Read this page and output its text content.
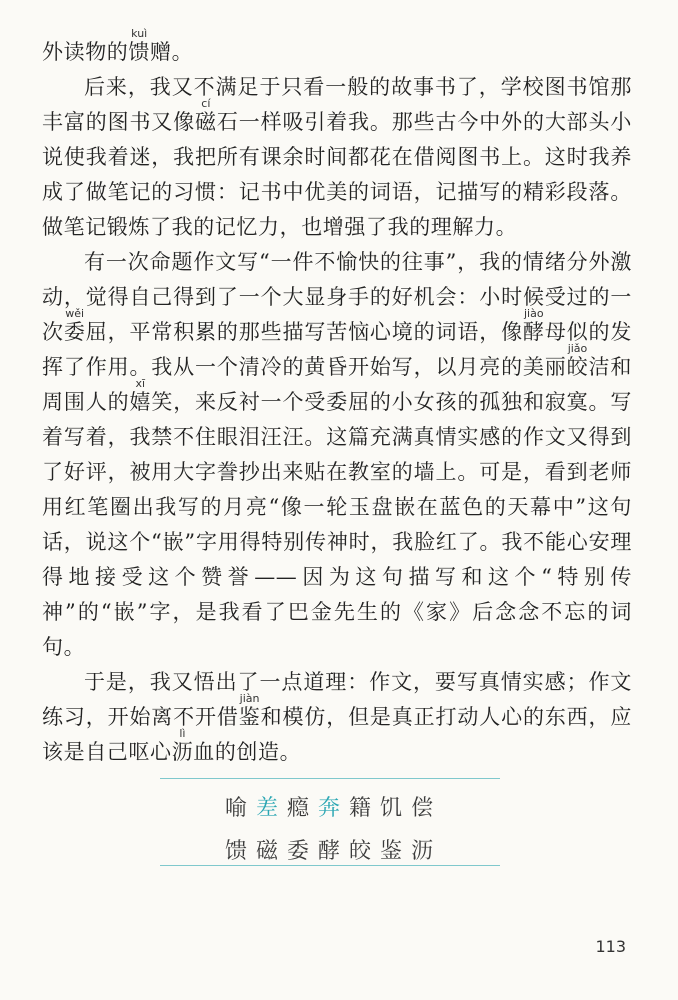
外读物的馈kuì赠。

后来，我又不满足于只看一般的故事书了，学校图书馆那丰富的图书又像磁cí石一样吸引着我。那些古今中外的大部头小说使我着迷，我把所有课余时间都花在借阅图书上。这时我养成了做笔记的习惯：记书中优美的词语，记描写的精彩段落。做笔记锻炼了我的记忆力，也增强了我的理解力。

有一次命题作文写“一件不愉快的往事”，我的情绪分外激动，觉得自己得到了一个大显身手的好机会：小时候受过的一次委wěi屈，平常积累的那些描写苦恼心境的词语，像酵jiào母似的发挥了作用。我从一个清冷的黄昏开始写，以月亮的美丽皎jiǎo洁和周围人的嬉xī笑，来反衬一个受委屈的小女孩的孤独和寂寞。写着写着，我禁不住眼泪汪汪。这篇充满真情实感的作文又得到了好评，被用大字誊抄出来贴在教室的墙上。可是，看到老师用红笔圈出我写的月亮“像一轮玉盘嵌在蓝色的天幕中”这句话，说这个“嵌”字用得特别传神时，我脸红了。我不能心安理得地接受这个赞誉——因为这句描写和这个“特别传神”的“嵌”字，是我看了巴金先生的《家》后念念不忘的词句。

于是，我又悟出了一点道理：作文，要写真情实感；作文练习，开始离不开借鉴jiàn和模仿，但是真正打动人心的东西，应该是自己呕心沥lì血的创造。

喻 差 瘾 奔 籍 饥 偿
馈 磁 委 酵 皎 鉴 沥
113
